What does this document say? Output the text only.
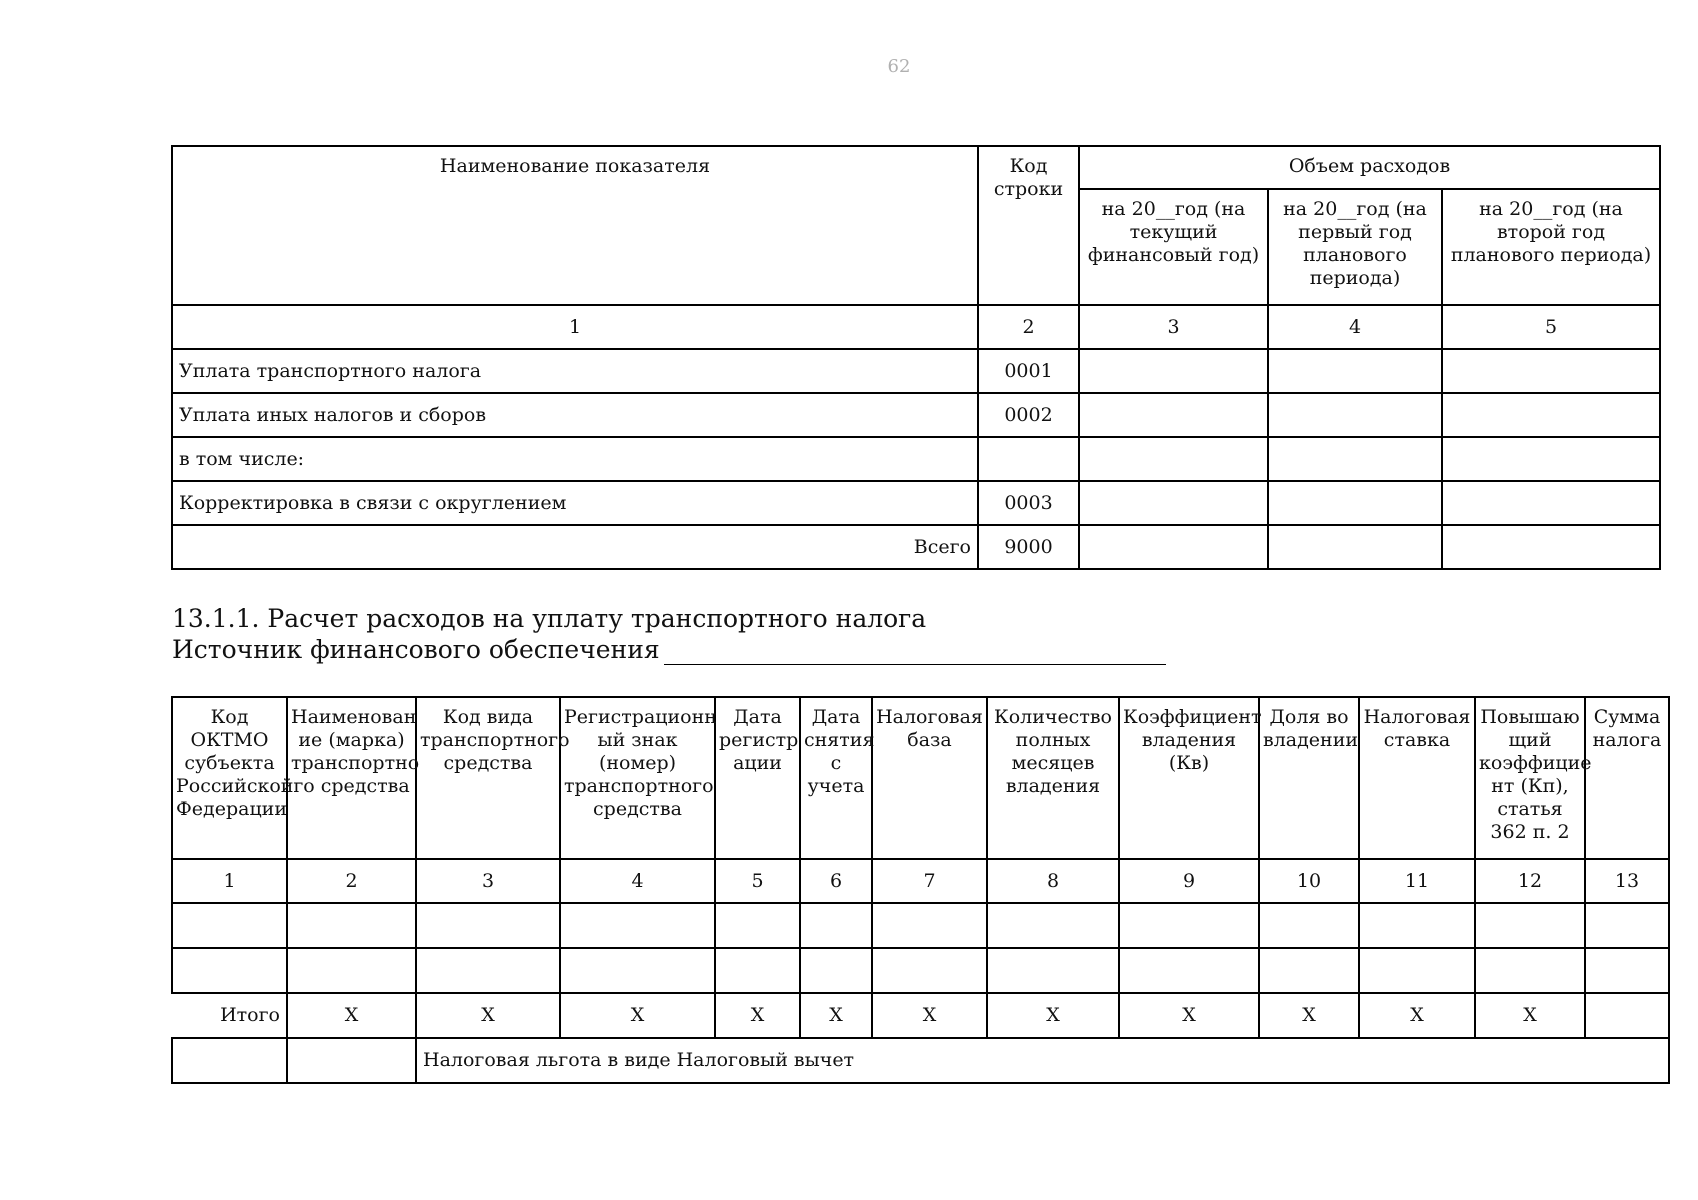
62
Наименование показателя	Код строки	Объем расходов		
		на 20__год (на текущий финансовый год)	на 20__год (на первый год планового периода)	на 20__год (на второй год планового периода)
1	2	3	4	5
Уплата транспортного налога	0001			
Уплата иных налогов и сборов	0002			
в том числе:				
Корректировка в связи с округлением	0003			
Всего	9000			
13.1.1. Расчет расходов на уплату транспортного налога
Источник финансового обеспечения
Код ОКТМО субъекта Российской Федерации	Наименован ие (марка) транспортно го средства	Код вида транспортного средства	Регистрационн ый знак (номер) транспортного средства	Дата регистр ации	Дата снятия с учета	Налоговая база	Количество полных месяцев владения	Коэффициент владения (Кв)	Доля во владении	Налоговая ставка	Повышаю щий коэффицие нт (Кп), статья 362 п. 2	Сумма налога
1	2	3	4	5	6	7	8	9	10	11	12	13

Итого	X	X	X	X	X	X	X	X	X	X	X	
		Налоговая льгота в виде Налоговый вычет										
